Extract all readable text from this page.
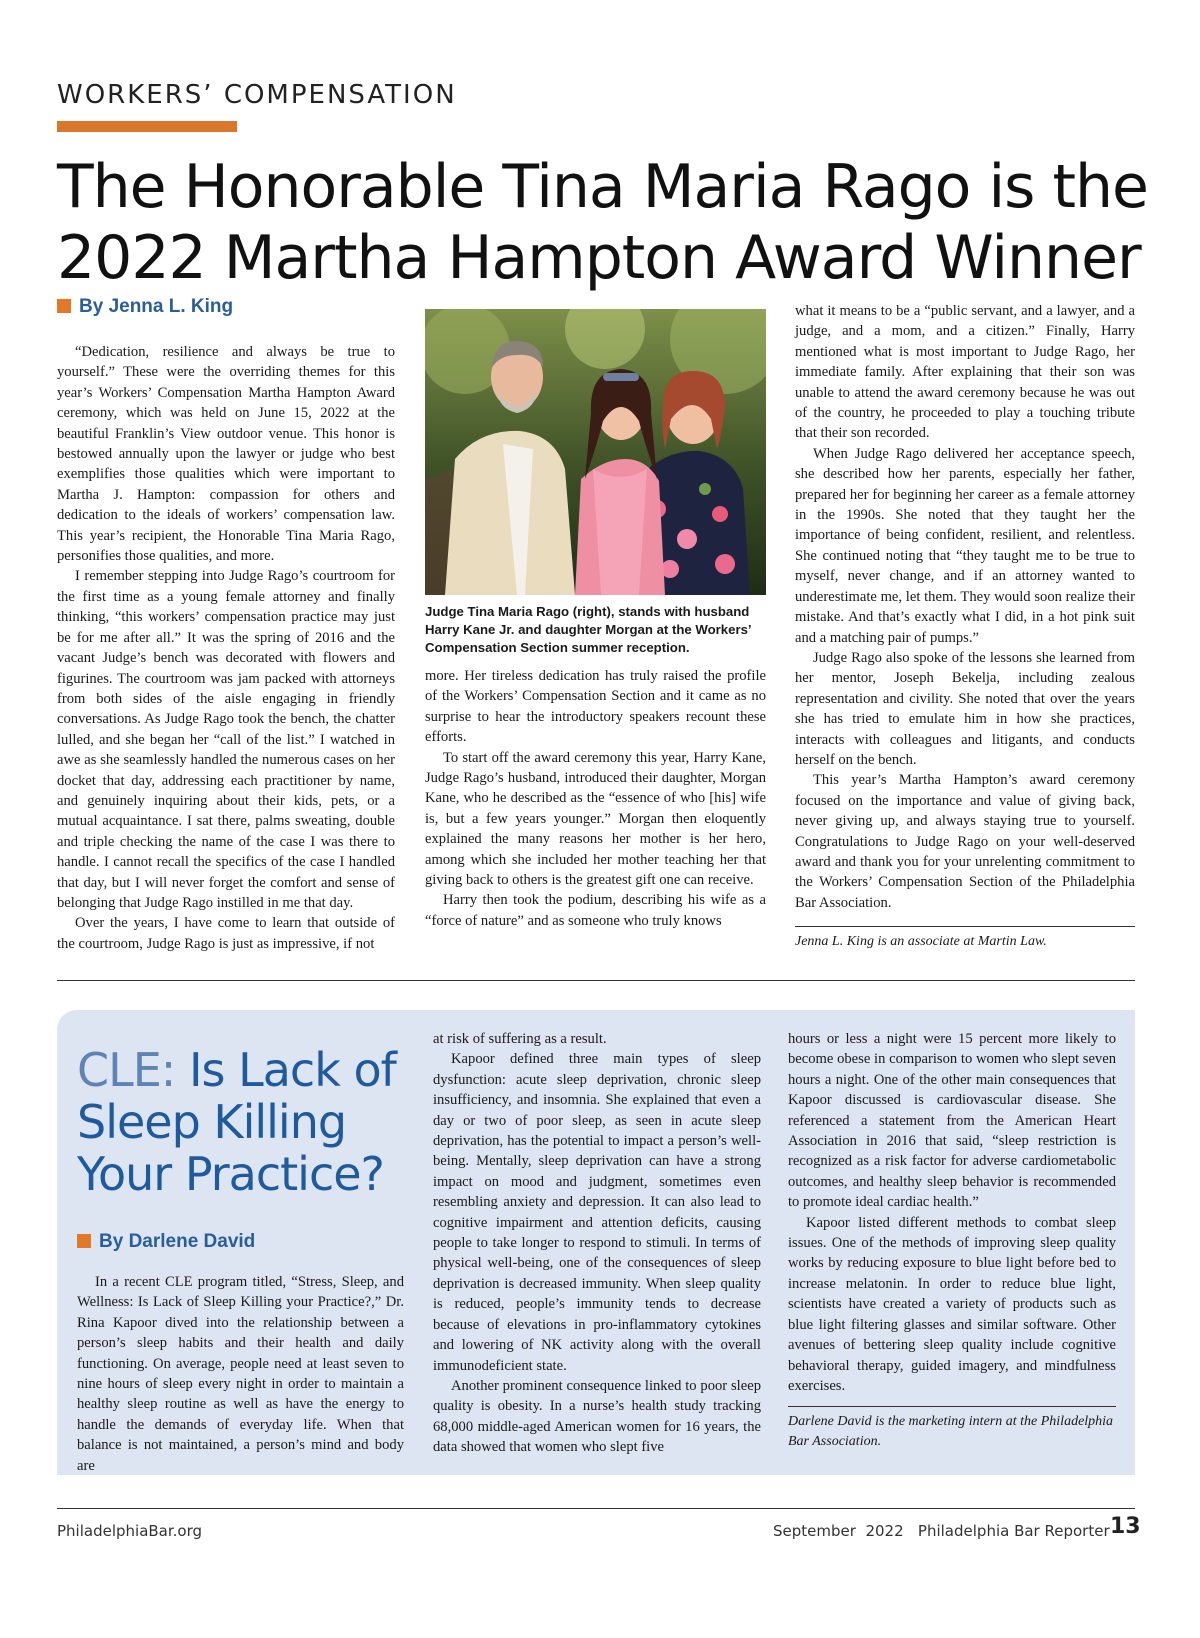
WORKERS’ COMPENSATION
The Honorable Tina Maria Rago is the 2022 Martha Hampton Award Winner
By Jenna L. King

“Dedication, resilience and always be true to yourself.” These were the overriding themes for this year’s Workers’ Compensation Martha Hampton Award ceremony, which was held on June 15, 2022 at the beautiful Franklin’s View outdoor venue. This honor is bestowed annually upon the lawyer or judge who best exemplifies those qualities which were important to Martha J. Hampton: compassion for others and dedication to the ideals of workers’ compensation law. This year’s recipient, the Honorable Tina Maria Rago, personifies those qualities, and more.

I remember stepping into Judge Rago’s courtroom for the first time as a young female attorney and finally thinking, “this workers’ compensation practice may just be for me after all.” It was the spring of 2016 and the vacant Judge’s bench was decorated with flowers and figurines. The courtroom was jam packed with attorneys from both sides of the aisle engaging in friendly conversations. As Judge Rago took the bench, the chatter lulled, and she began her “call of the list.” I watched in awe as she seamlessly handled the numerous cases on her docket that day, addressing each practitioner by name, and genuinely inquiring about their kids, pets, or a mutual acquaintance. I sat there, palms sweating, double and triple checking the name of the case I was there to handle. I cannot recall the specifics of the case I handled that day, but I will never forget the comfort and sense of belonging that Judge Rago instilled in me that day.

Over the years, I have come to learn that outside of the courtroom, Judge Rago is just as impressive, if not

Judge Tina Maria Rago (right), stands with husband Harry Kane Jr. and daughter Morgan at the Workers’ Compensation Section summer reception.

more. Her tireless dedication has truly raised the profile of the Workers’ Compensation Section and it came as no surprise to hear the introductory speakers recount these efforts.

To start off the award ceremony this year, Harry Kane, Judge Rago’s husband, introduced their daughter, Morgan Kane, who he described as the “essence of who [his] wife is, but a few years younger.” Morgan then eloquently explained the many reasons her mother is her hero, among which she included her mother teaching her that giving back to others is the greatest gift one can receive.

Harry then took the podium, describing his wife as a “force of nature” and as someone who truly knows

what it means to be a “public servant, and a lawyer, and a judge, and a mom, and a citizen.” Finally, Harry mentioned what is most important to Judge Rago, her immediate family. After explaining that their son was unable to attend the award ceremony because he was out of the country, he proceeded to play a touching tribute that their son recorded.

When Judge Rago delivered her acceptance speech, she described how her parents, especially her father, prepared her for beginning her career as a female attorney in the 1990s. She noted that they taught her the importance of being confident, resilient, and relentless. She continued noting that “they taught me to be true to myself, never change, and if an attorney wanted to underestimate me, let them. They would soon realize their mistake. And that’s exactly what I did, in a hot pink suit and a matching pair of pumps.”

Judge Rago also spoke of the lessons she learned from her mentor, Joseph Bekelja, including zealous representation and civility. She noted that over the years she has tried to emulate him in how she practices, interacts with colleagues and litigants, and conducts herself on the bench.

This year’s Martha Hampton’s award ceremony focused on the importance and value of giving back, never giving up, and always staying true to yourself. Congratulations to Judge Rago on your well-deserved award and thank you for your unrelenting commitment to the Workers’ Compensation Section of the Philadelphia Bar Association.

Jenna L. King is an associate at Martin Law.
CLE: Is Lack of Sleep Killing Your Practice?
By Darlene David

In a recent CLE program titled, “Stress, Sleep, and Wellness: Is Lack of Sleep Killing your Practice?,” Dr. Rina Kapoor dived into the relationship between a person’s sleep habits and their health and daily functioning. On average, people need at least seven to nine hours of sleep every night in order to maintain a healthy sleep routine as well as have the energy to handle the demands of everyday life. When that balance is not maintained, a person’s mind and body are

at risk of suffering as a result.

Kapoor defined three main types of sleep dysfunction: acute sleep deprivation, chronic sleep insufficiency, and insomnia. She explained that even a day or two of poor sleep, as seen in acute sleep deprivation, has the potential to impact a person’s well-being. Mentally, sleep deprivation can have a strong impact on mood and judgment, sometimes even resembling anxiety and depression. It can also lead to cognitive impairment and attention deficits, causing people to take longer to respond to stimuli. In terms of physical well-being, one of the consequences of sleep deprivation is decreased immunity. When sleep quality is reduced, people’s immunity tends to decrease because of elevations in pro-inflammatory cytokines and lowering of NK activity along with the overall immunodeficient state.

Another prominent consequence linked to poor sleep quality is obesity. In a nurse’s health study tracking 68,000 middle-aged American women for 16 years, the data showed that women who slept five

hours or less a night were 15 percent more likely to become obese in comparison to women who slept seven hours a night. One of the other main consequences that Kapoor discussed is cardiovascular disease. She referenced a statement from the American Heart Association in 2016 that said, “sleep restriction is recognized as a risk factor for adverse cardiometabolic outcomes, and healthy sleep behavior is recommended to promote ideal cardiac health.”

Kapoor listed different methods to combat sleep issues. One of the methods of improving sleep quality works by reducing exposure to blue light before bed to increase melatonin. In order to reduce blue light, scientists have created a variety of products such as blue light filtering glasses and similar software. Other avenues of bettering sleep quality include cognitive behavioral therapy, guided imagery, and mindfulness exercises.

Darlene David is the marketing intern at the Philadelphia Bar Association.
PhiladelphiaBar.org	September  2022   Philadelphia Bar Reporter 13
